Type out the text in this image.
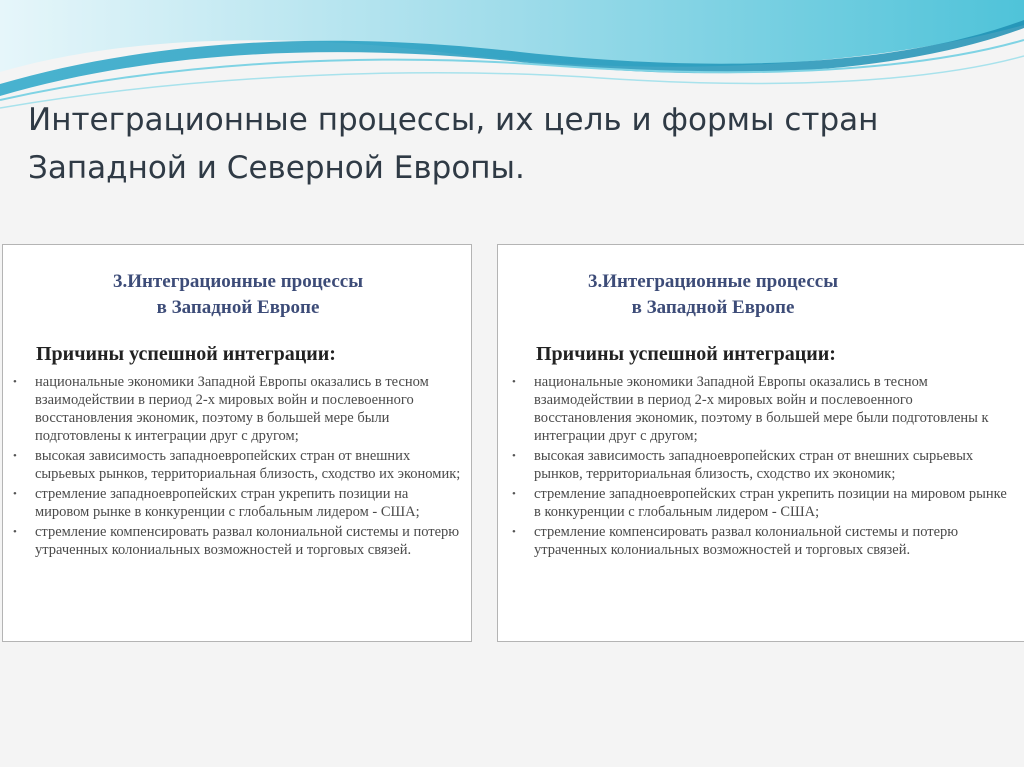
Интеграционные процессы, их цель и формы стран Западной и Северной Европы.
3.Интеграционные процессы
в Западной Европе
Причины успешной интеграции:
• национальные экономики Западной Европы оказались в тесном взаимодействии в период 2-х мировых войн и послевоенного восстановления экономик, поэтому в большей мере были подготовлены к интеграции друг с другом;
• высокая зависимость западноевропейских стран от внешних сырьевых рынков, территориальная близость, сходство их экономик;
• стремление западноевропейских стран укрепить позиции на мировом рынке в конкуренции с глобальным лидером - США;
• стремление компенсировать развал колониальной системы и потерю утраченных колониальных возможностей и торговых связей.
3.Интеграционные процессы
в Западной Европе
Причины успешной интеграции:
• национальные экономики Западной Европы оказались в тесном взаимодействии в период 2-х мировых войн и послевоенного восстановления экономик, поэтому в большей мере были подготовлены к интеграции друг с другом;
• высокая зависимость западноевропейских стран от внешних сырьевых рынков, территориальная близость, сходство их экономик;
• стремление западноевропейских стран укрепить позиции на мировом рынке в конкуренции с глобальным лидером - США;
• стремление компенсировать развал колониальной системы и потерю утраченных колониальных возможностей и торговых связей.
